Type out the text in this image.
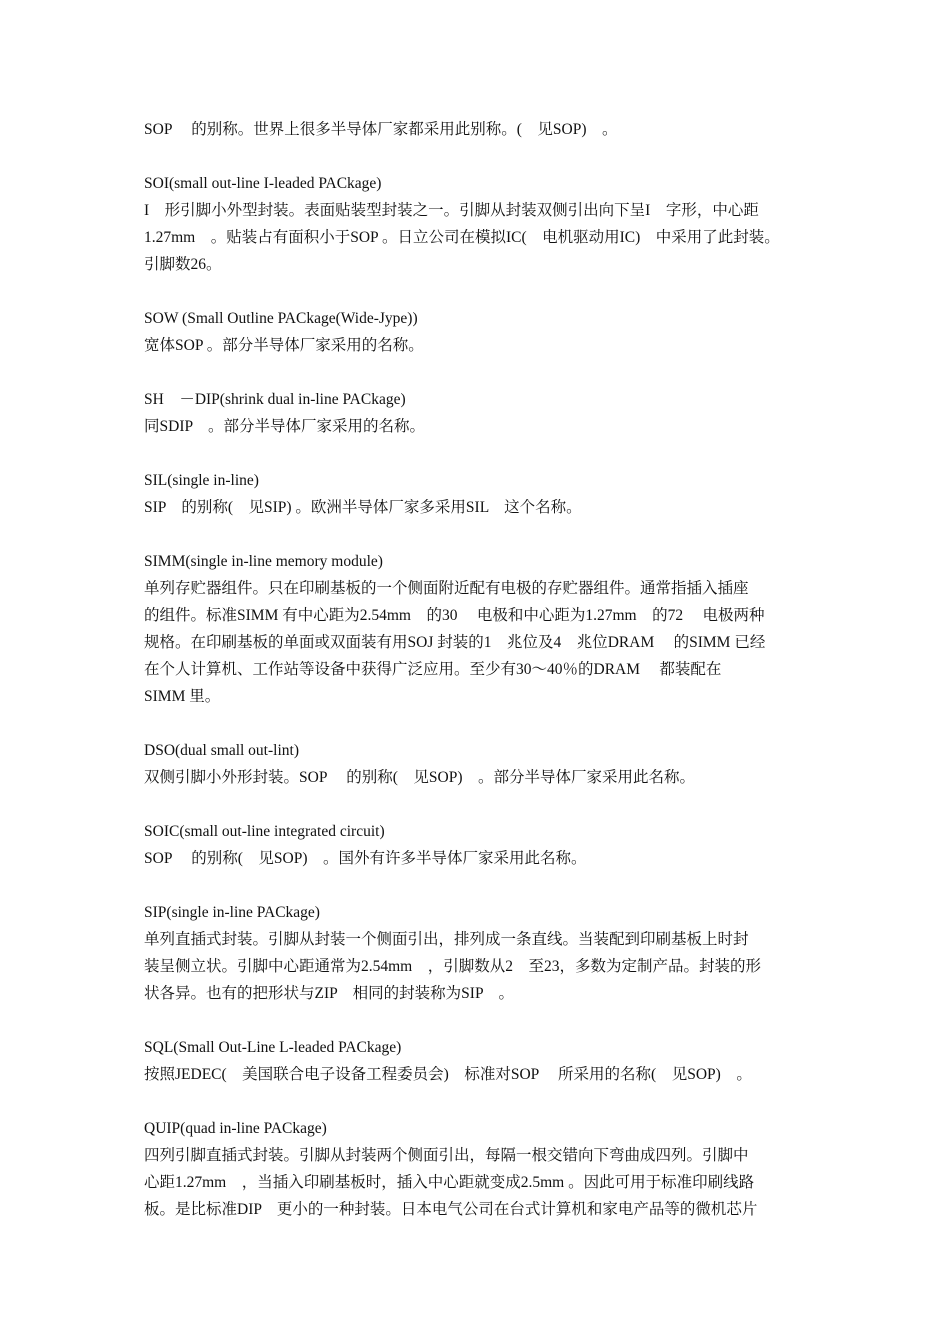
SOP　 的别称。世界上很多半导体厂家都采用此别称。(　见SOP)　。
SOI(small out-line I-leaded PACkage)
I　形引脚小外型封装。表面贴装型封装之一。引脚从封装双侧引出向下呈I　字形，中心距
1.27mm　。贴装占有面积小于SOP 。日立公司在模拟IC(　电机驱动用IC)　中采用了此封装。
引脚数26。
SOW (Small Outline PACkage(Wide-Jype))
宽体SOP 。部分半导体厂家采用的名称。
SH　－DIP(shrink dual in-line PACkage)
同SDIP　。部分半导体厂家采用的名称。
SIL(single in-line)
SIP　的别称(　见SIP) 。欧洲半导体厂家多采用SIL　这个名称。
SIMM(single in-line memory module)
单列存贮器组件。只在印刷基板的一个侧面附近配有电极的存贮器组件。通常指插入插座
的组件。标准SIMM 有中心距为2.54mm　的30　 电极和中心距为1.27mm　的72　 电极两种
规格。在印刷基板的单面或双面装有用SOJ 封装的1　兆位及4　兆位DRAM　 的SIMM 已经
在个人计算机、工作站等设备中获得广泛应用。至少有30～40％的DRAM　 都装配在
SIMM 里。
DSO(dual small out-lint)
双侧引脚小外形封装。SOP　 的别称(　见SOP)　。部分半导体厂家采用此名称。
SOIC(small out-line integrated circuit)
SOP　 的别称(　见SOP)　。国外有许多半导体厂家采用此名称。
SIP(single in-line PACkage)
单列直插式封装。引脚从封装一个侧面引出，排列成一条直线。当装配到印刷基板上时封
装呈侧立状。引脚中心距通常为2.54mm　，引脚数从2　至23，多数为定制产品。封装的形
状各异。也有的把形状与ZIP　相同的封装称为SIP　。
SQL(Small Out-Line L-leaded PACkage)
按照JEDEC(　美国联合电子设备工程委员会)　标准对SOP　 所采用的名称(　见SOP)　。
QUIP(quad in-line PACkage)
四列引脚直插式封装。引脚从封装两个侧面引出，每隔一根交错向下弯曲成四列。引脚中
心距1.27mm　，当插入印刷基板时，插入中心距就变成2.5mm 。因此可用于标准印刷线路
板。是比标准DIP　更小的一种封装。日本电气公司在台式计算机和家电产品等的微机芯片
